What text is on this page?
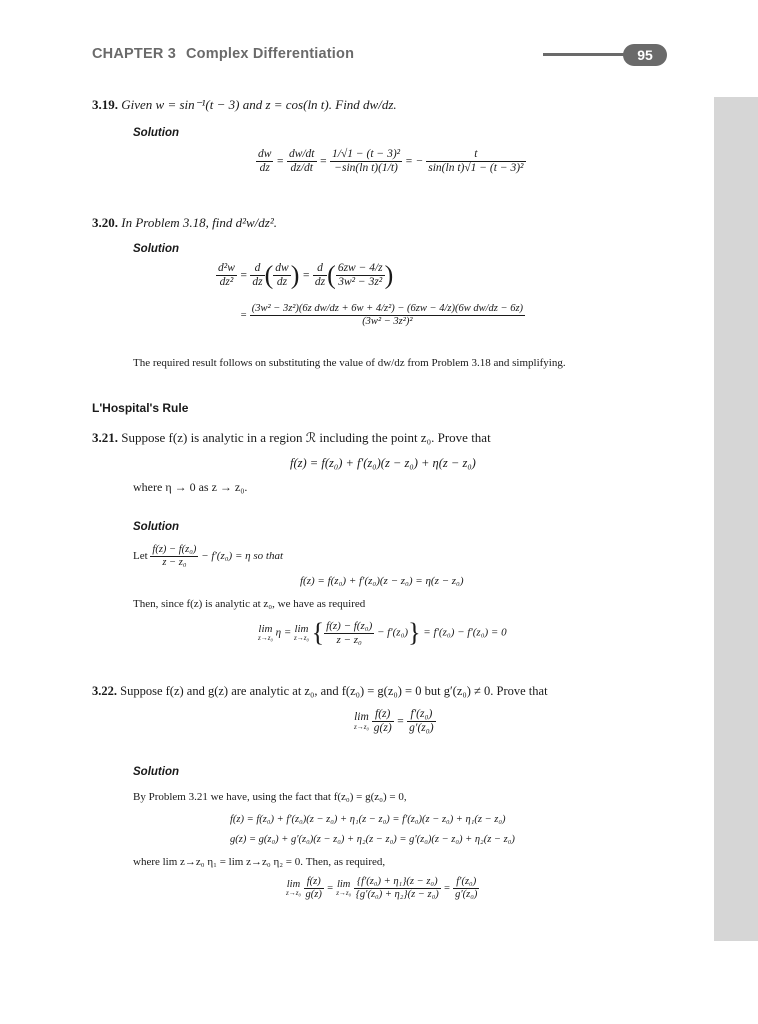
CHAPTER 3 Complex Differentiation	95
3.19. Given w = sin⁻¹(t − 3) and z = cos(ln t). Find dw/dz.
Solution
$\frac{dw}{dz} = \frac{dw/dt}{dz/dt} = \frac{\text{1/√1 − (t − 3)²}}{\text{−sin(ln t)(1/t)}}$ = − $\frac{t}{\text{sin(ln t)√1 − (t − 3)²}}$
3.20. In Problem 3.18, find d²w/dz².
Solution
$\frac{\text{d²w}}{\text{dz²}} = \frac{d}{dz}$ ( $\frac{dw}{dz}$ ) = $\frac{d}{dz}$ ( $\frac{6zw - 4/z}{\text{3w² − 3z²}}$ )
=
(3w² − 3z²)(6z dw/dz + 6w + 4/z²) − (6zw − 4/z)(6w dw/dz − 6z)
(3w² − 3z²)²
The required result follows on substituting the value of dw/dz from Problem 3.18 and simplifying.
L'Hospital's Rule
3.21. Suppose f(z) is analytic in a region ℛ including the point z₀. Prove that
f(z) = f(z₀) + f′(z₀)(z − z₀) + η(z − z₀)
where η → 0 as z → z₀.
Solution
Let $\frac{\text{f(z) − f(z₀)}}{\text{z − z₀}} - f'(z_0) = \eta$ so that
f(z) = f(z₀) + f′(z₀)(z − z₀) = η(z − z₀)
Then, since f(z) is analytic at z₀, we have as required
lim
z→z₀ η = lim
z→z₀ { $\frac{\text{f(z) − f(z₀)}}{\text{z − z₀}} - f'(z_0)\} = f'(z_0) - f'(z_0) = 0$
3.22. Suppose f(z) and g(z) are analytic at z₀, and f(z₀) = g(z₀) = 0 but g′(z₀) ≠ 0. Prove that
lim
z→z₀
$\frac{f(z)}{g(z)} = \frac{\text{f′(z₀)}}{\text{g′(z₀)}}$
Solution
By Problem 3.21 we have, using the fact that f(z₀) = g(z₀) = 0,
f(z) = f(z₀) + f′(z₀)(z − z₀) + η₁(z − z₀) = f′(z₀)(z − z₀) + η₁(z − z₀)
g(z) = g(z₀) + g′(z₀)(z − z₀) + η₂(z − z₀) = g′(z₀)(z − z₀) + η₂(z − z₀)
where lim z→z₀ η₁ = lim z→z₀ η₂ = 0. Then, as required,
lim
z→z₀
$\frac{f(z)}{g(z)} = \lim$
z→z₀
$\frac{\text{\{f′(z₀) + η₁\}(z − z₀)}}{\text{\{g′(z₀) + η₂\}(z − z₀)}} = \frac{\text{f′(z₀)}}{\text{g′(z₀)}}$
